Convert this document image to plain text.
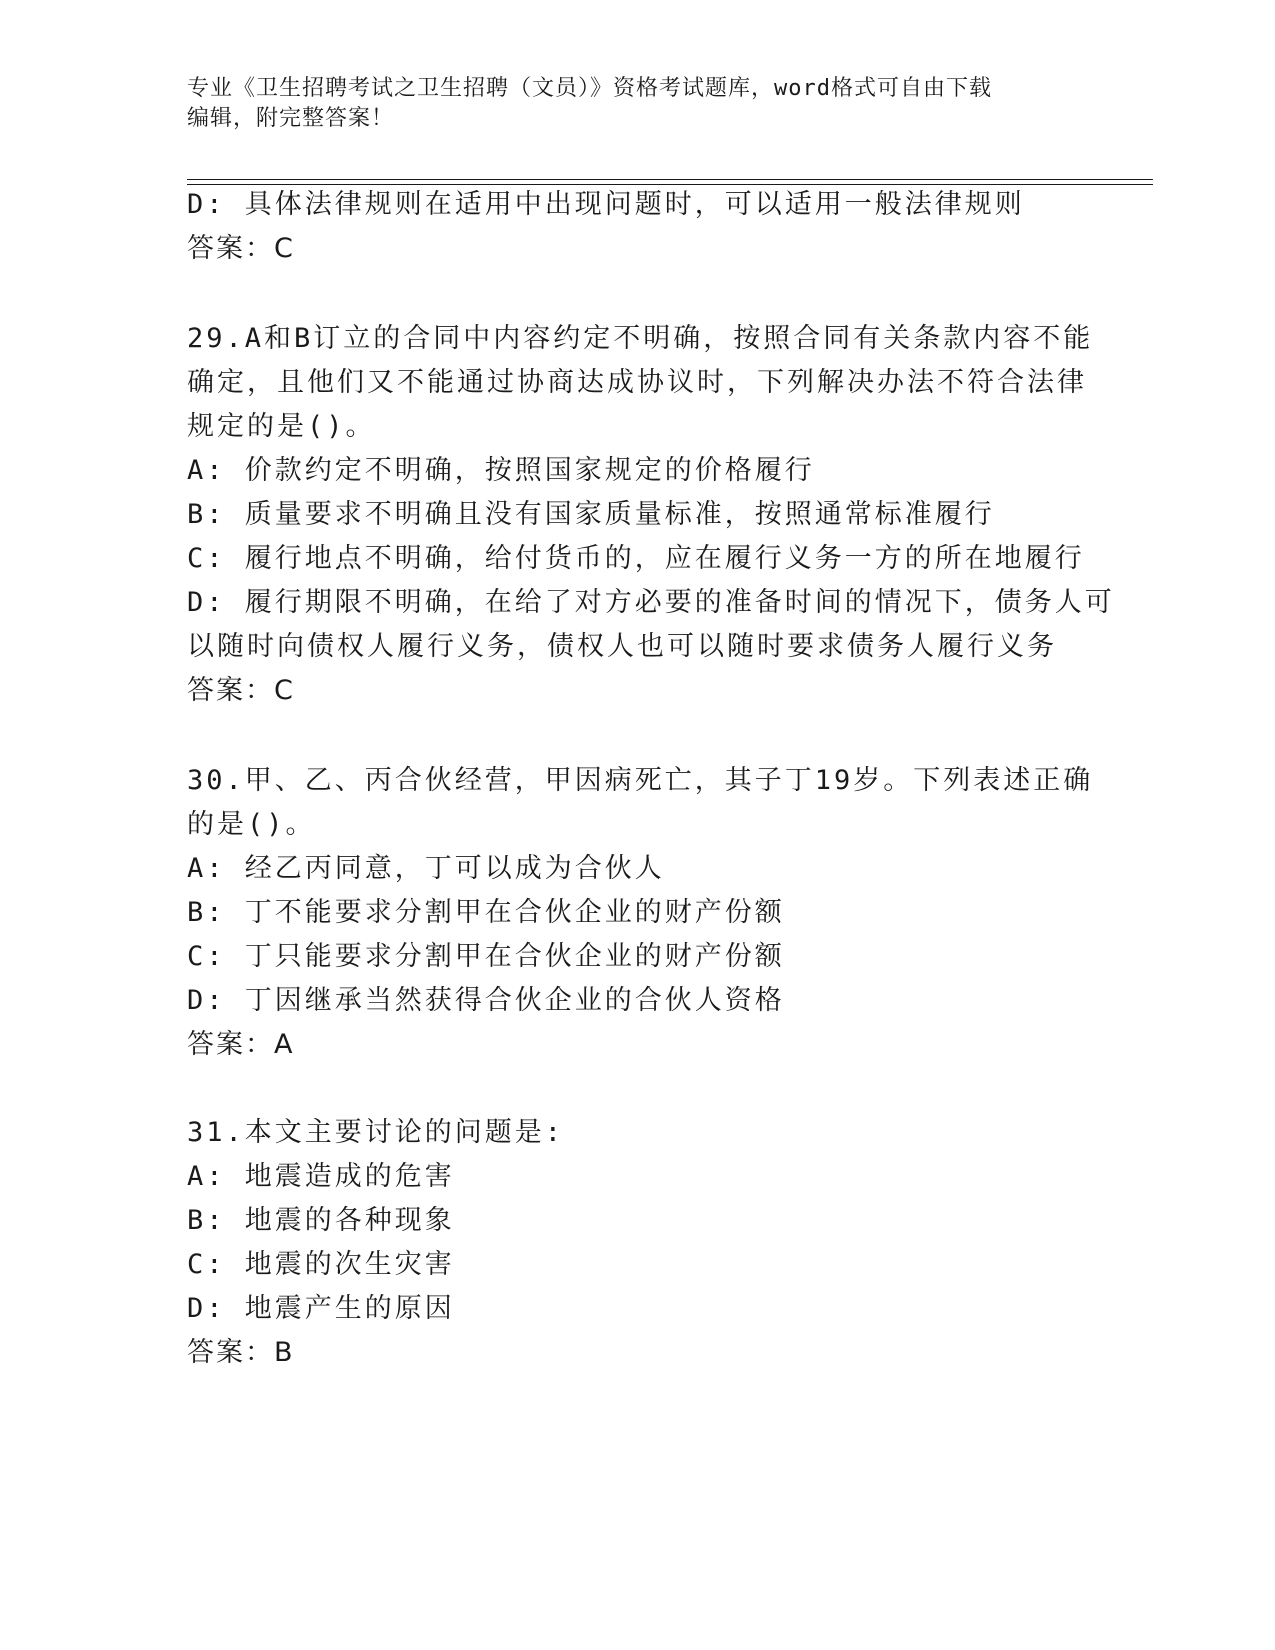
专业《卫生招聘考试之卫生招聘（文员）》资格考试题库，word格式可自由下载
编辑，附完整答案！
D: 具体法律规则在适用中出现问题时，可以适用一般法律规则
答案：C
29.A和B订立的合同中内容约定不明确，按照合同有关条款内容不能
确定，且他们又不能通过协商达成协议时，下列解决办法不符合法律
规定的是()。
A: 价款约定不明确，按照国家规定的价格履行
B: 质量要求不明确且没有国家质量标准，按照通常标准履行
C: 履行地点不明确，给付货币的，应在履行义务一方的所在地履行
D: 履行期限不明确，在给了对方必要的准备时间的情况下，债务人可
以随时向债权人履行义务，债权人也可以随时要求债务人履行义务
答案：C
30.甲、乙、丙合伙经营，甲因病死亡，其子丁19岁。下列表述正确
的是()。
A: 经乙丙同意，丁可以成为合伙人
B: 丁不能要求分割甲在合伙企业的财产份额
C: 丁只能要求分割甲在合伙企业的财产份额
D: 丁因继承当然获得合伙企业的合伙人资格
答案：A
31.本文主要讨论的问题是:
A: 地震造成的危害
B: 地震的各种现象
C: 地震的次生灾害
D: 地震产生的原因
答案：B
